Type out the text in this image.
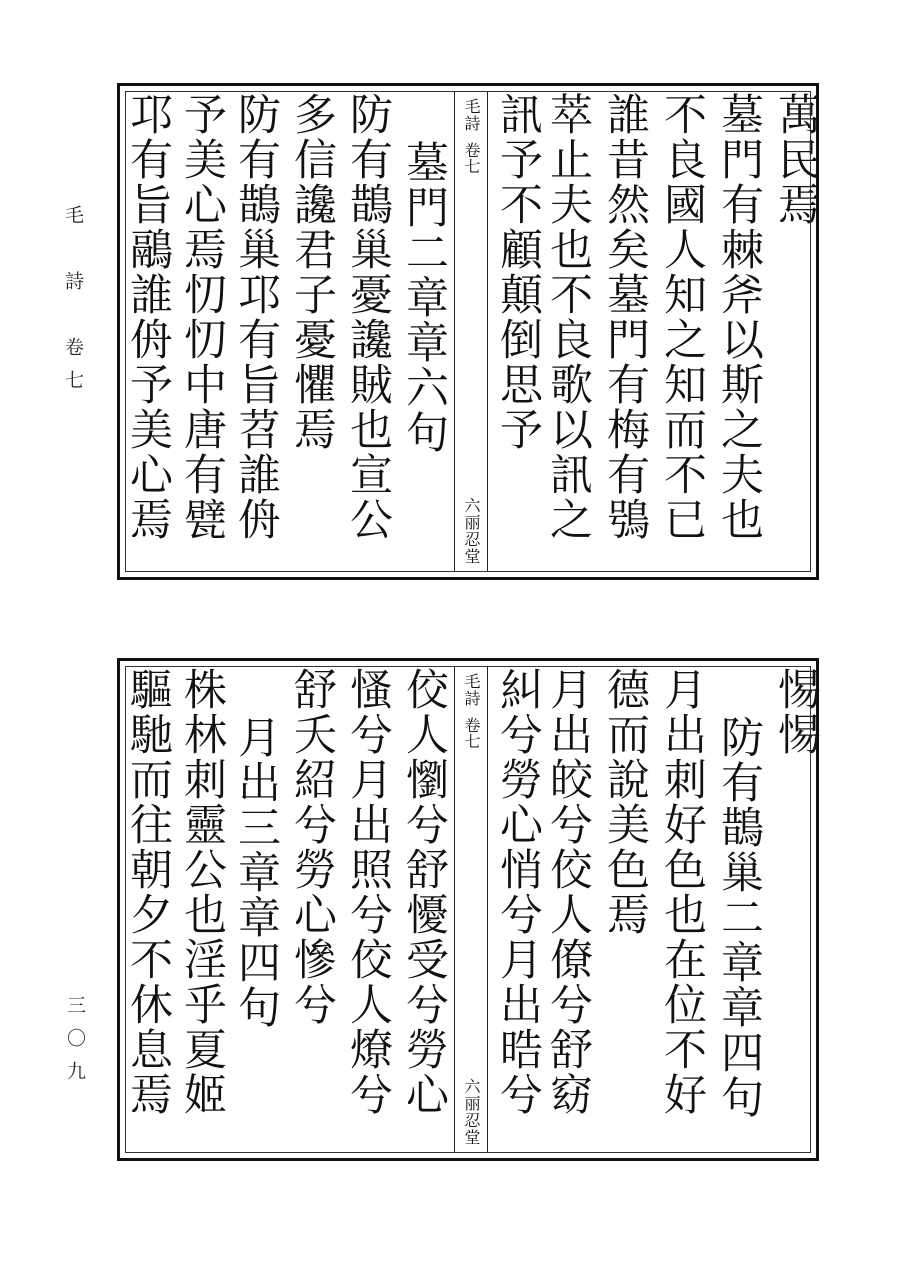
毛　詩　卷七
三〇九
萬民焉
墓門有棘斧以斯之夫也
不良國人知之知而不已
誰昔然矣墓門有梅有鴞
萃止夫也不良歌以訊之
訊予不顧顛倒思予
毛詩
卷七
六丽忍堂
墓門二章章六句
防有鵲巢憂讒賊也宣公
多信讒君子憂懼焉
防有鵲巢邛有旨苕誰侜
予美心焉忉忉中唐有甓
邛有旨鷊誰侜予美心焉
惕惕
防有鵲巢二章章四句
月出刺好色也在位不好
德而說美色焉
月出皎兮佼人僚兮舒窈
糾兮勞心悄兮月出晧兮
毛詩
卷七
六丽忍堂
佼人懰兮舒懮受兮勞心
慅兮月出照兮佼人燎兮
舒夭紹兮勞心慘兮
月出三章章四句
株林刺靈公也淫乎夏姬
驅馳而往朝夕不休息焉
